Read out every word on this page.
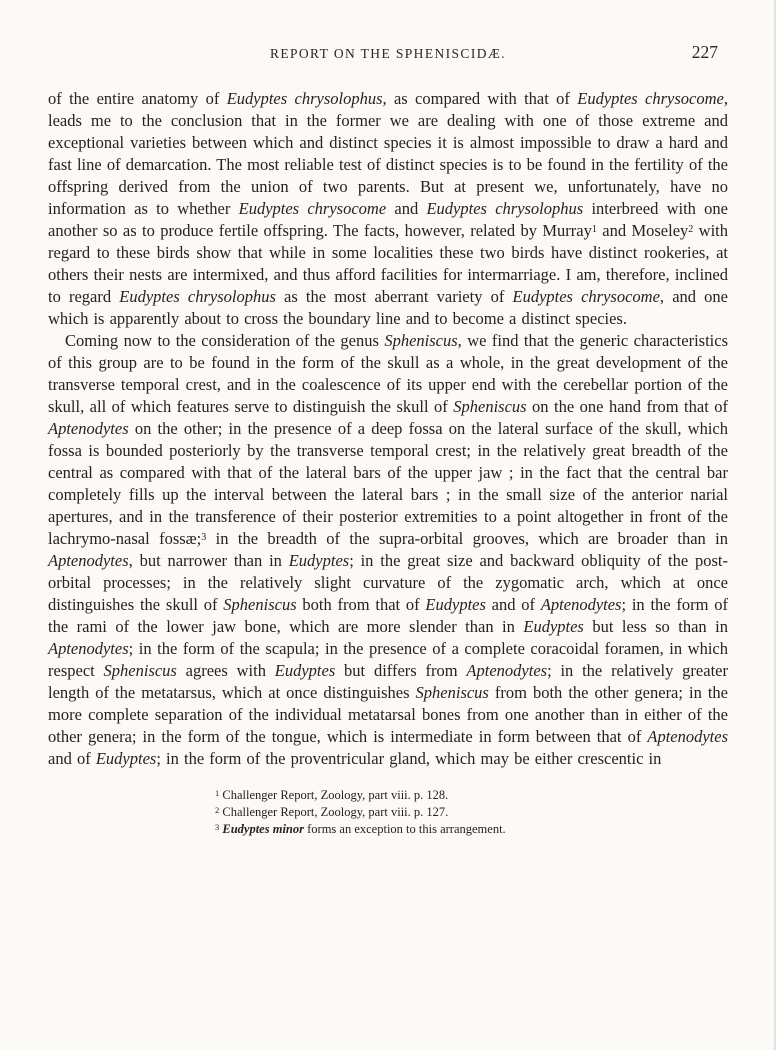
REPORT ON THE SPHENISCIDÆ.	227

of the entire anatomy of Eudyptes chrysolophus, as compared with that of Eudyptes chrysocome, leads me to the conclusion that in the former we are dealing with one of those extreme and exceptional varieties between which and distinct species it is almost impossible to draw a hard and fast line of demarcation. The most reliable test of distinct species is to be found in the fertility of the offspring derived from the union of two parents. But at present we, unfortunately, have no information as to whether Eudyptes chrysocome and Eudyptes chrysolophus interbreed with one another so as to produce fertile offspring. The facts, however, related by Murray$^1$ and Moseley$^2$ with regard to these birds show that while in some localities these two birds have distinct rookeries, at others their nests are intermixed, and thus afford facilities for intermarriage. I am, therefore, inclined to regard Eudyptes chrysolophus as the most aberrant variety of Eudyptes chrysocome, and one which is apparently about to cross the boundary line and to become a distinct species.

Coming now to the consideration of the genus Spheniscus, we find that the generic characteristics of this group are to be found in the form of the skull as a whole, in the great development of the transverse temporal crest, and in the coalescence of its upper end with the cerebellar portion of the skull, all of which features serve to distinguish the skull of Spheniscus on the one hand from that of Aptenodytes on the other; in the presence of a deep fossa on the lateral surface of the skull, which fossa is bounded posteriorly by the transverse temporal crest; in the relatively great breadth of the central as compared with that of the lateral bars of the upper jaw ; in the fact that the central bar completely fills up the interval between the lateral bars ; in the small size of the anterior narial apertures, and in the transference of their posterior extremities to a point altogether in front of the lachrymo-nasal fossæ;$^3$ in the breadth of the supra-orbital grooves, which are broader than in Aptenodytes, but narrower than in Eudyptes; in the great size and backward obliquity of the post-orbital processes; in the relatively slight curvature of the zygomatic arch, which at once distinguishes the skull of Spheniscus both from that of Eudyptes and of Aptenodytes; in the form of the rami of the lower jaw bone, which are more slender than in Eudyptes but less so than in Aptenodytes; in the form of the scapula; in the presence of a complete coracoidal foramen, in which respect Spheniscus agrees with Eudyptes but differs from Aptenodytes; in the relatively greater length of the metatarsus, which at once distinguishes Spheniscus from both the other genera; in the more complete separation of the individual metatarsal bones from one another than in either of the other genera; in the form of the tongue, which is intermediate in form between that of Aptenodytes and of Eudyptes; in the form of the proventricular gland, which may be either crescentic in

$^1$ Challenger Report, Zoology, part viii. p. 128.

$^2$ Challenger Report, Zoology, part viii. p. 127.

$^3$ Eudyptes minor forms an exception to this arrangement.
